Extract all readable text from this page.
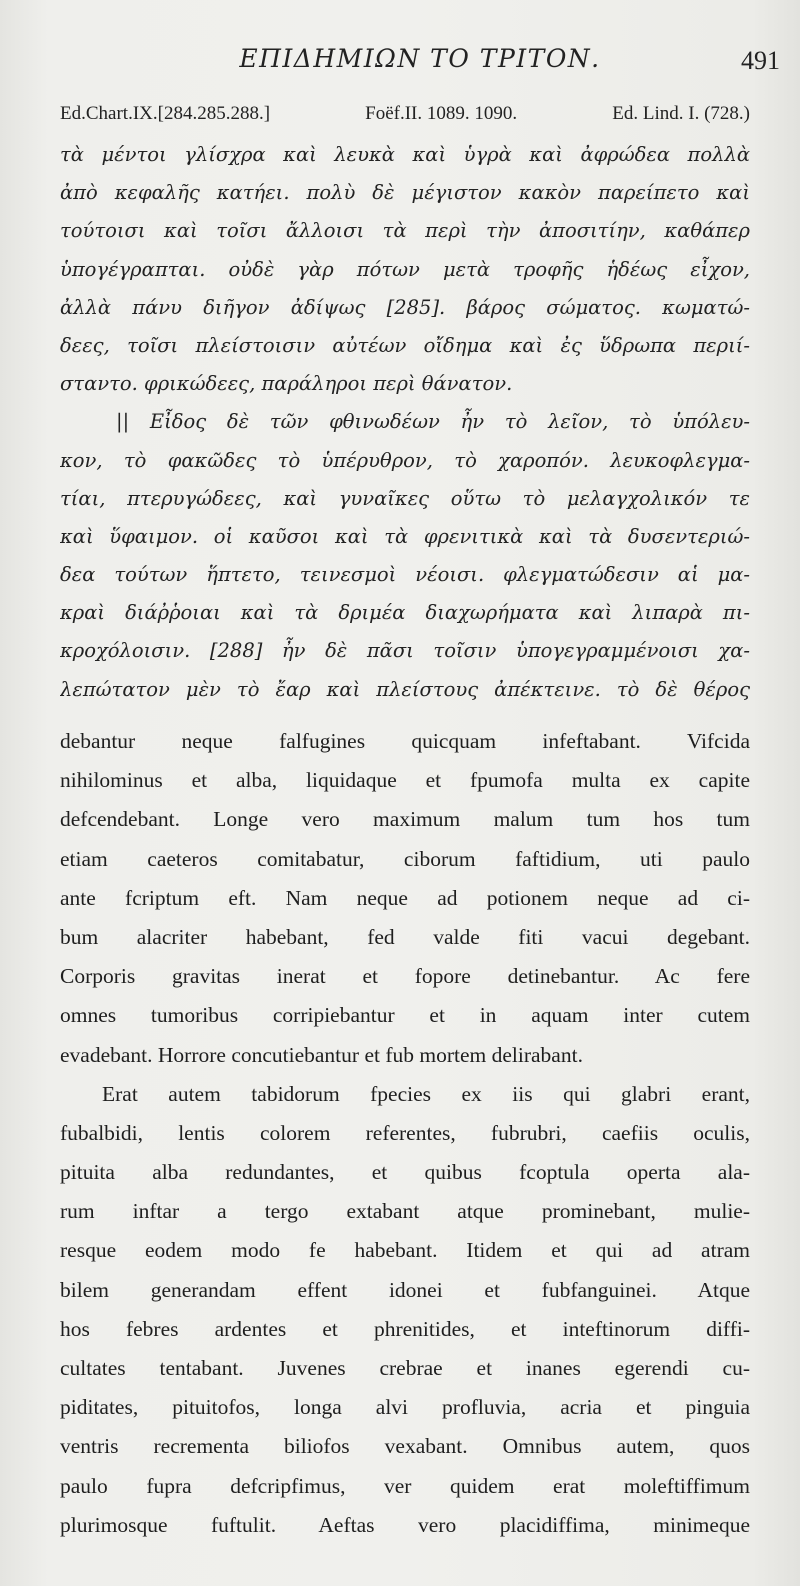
ΕΠΙΔΗΜΙΩΝ ΤΟ ΤΡΙΤΟΝ.	491
Ed.Chart.IX.[284.285.288.]	Foëf.II. 1089. 1090.	Ed. Lind. I. (728.)
τὰ μέντοι γλίσχρα καὶ λευκὰ καὶ ὑγρὰ καὶ ἀφρώδεα πολλὰ
ἀπὸ κεφαλῆς κατήει. πολὺ δὲ μέγιστον κακὸν παρείπετο καὶ
τούτοισι καὶ τοῖσι ἄλλοισι τὰ περὶ τὴν ἀποσιτίην, καθάπερ
ὑπογέγραπται. οὐδὲ γὰρ πότων μετὰ τροφῆς ἡδέως εἶχον,
ἀλλὰ πάνυ διῆγον ἀδίψως [285]. βάρος σώματος. κωματώ-
δεες, τοῖσι πλείστοισιν αὐτέων οἴδημα καὶ ἐς ὕδρωπα περιί-
σταντο. φρικώδεες, παράληροι περὶ θάνατον.
|| Εἶδος δὲ τῶν φθινωδέων ἦν τὸ λεῖον, τὸ ὑπόλευ-
κον, τὸ φακῶδες τὸ ὑπέρυθρον, τὸ χαροπόν. λευκοφλεγμα-
τίαι, πτερυγώδεες, καὶ γυναῖκες οὕτω τὸ μελαγχολικόν τε
καὶ ὕφαιμον. οἱ καῦσοι καὶ τὰ φρενιτικὰ καὶ τὰ δυσεντεριώ-
δεα τούτων ἥπτετο, τεινεσμοὶ νέοισι. φλεγματώδεσιν αἱ μα-
κραὶ διάῤῥοιαι καὶ τὰ δριμέα διαχωρήματα καὶ λιπαρὰ πι-
κροχόλοισιν. [288] ἦν δὲ πᾶσι τοῖσιν ὑπογεγραμμένοισι χα-
λεπώτατον μὲν τὸ ἔαρ καὶ πλείστους ἀπέκτεινε. τὸ δὲ θέρος
debantur neque falfugines quicquam infeftabant. Vifcida
nihilominus et alba, liquidaque et fpumofa multa ex capite
defcendebant. Longe vero maximum malum tum hos tum
etiam caeteros comitabatur, ciborum faftidium, uti paulo
ante fcriptum eft. Nam neque ad potionem neque ad ci-
bum alacriter habebant, fed valde fiti vacui degebant.
Corporis gravitas inerat et fopore detinebantur. Ac fere
omnes tumoribus corripiebantur et in aquam inter cutem
evadebant. Horrore concutiebantur et fub mortem delirabant.
Erat autem tabidorum fpecies ex iis qui glabri erant,
fubalbidi, lentis colorem referentes, fubrubri, caefiis oculis,
pituita alba redundantes, et quibus fcoptula operta ala-
rum inftar a tergo extabant atque prominebant, mulie-
resque eodem modo fe habebant. Itidem et qui ad atram
bilem generandam effent idonei et fubfanguinei. Atque
hos febres ardentes et phrenitides, et inteftinorum diffi-
cultates tentabant. Juvenes crebrae et inanes egerendi cu-
piditates, pituitofos, longa alvi profluvia, acria et pinguia
ventris recrementa biliofos vexabant. Omnibus autem, quos
paulo fupra defcripfimus, ver quidem erat moleftiffimum
plurimosque fuftulit. Aeftas vero placidiffima, minimeque
